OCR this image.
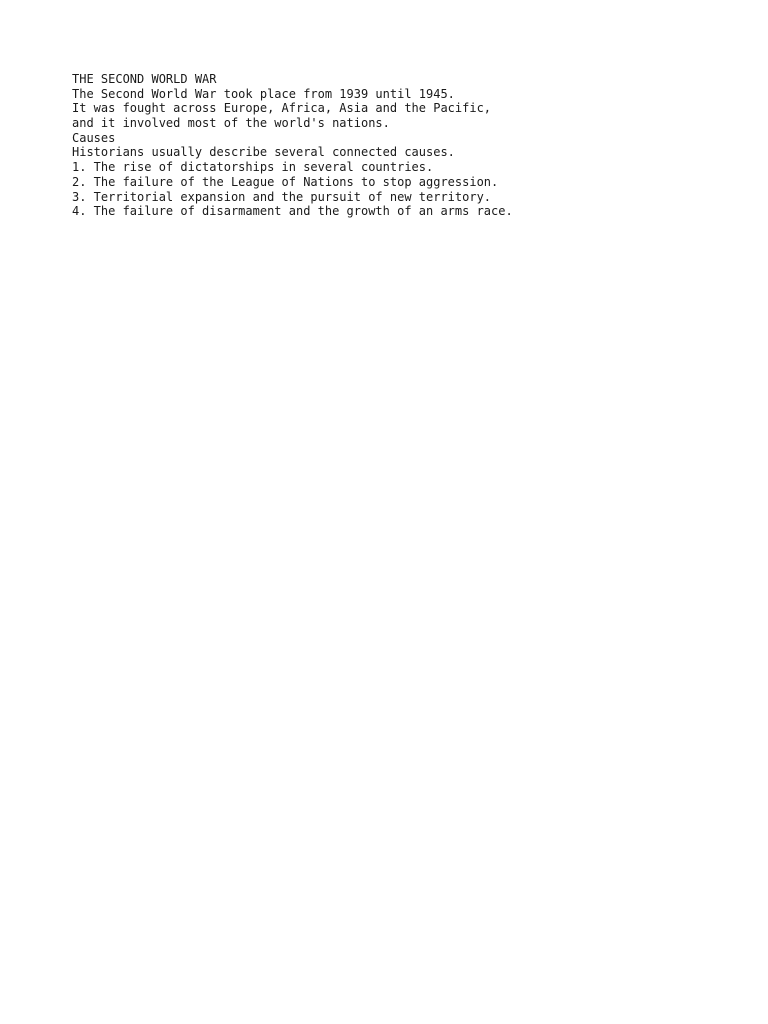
THE SECOND WORLD WAR
The Second World War took place from 1939 until 1945.
It was fought across Europe, Africa, Asia and the Pacific,
and it involved most of the world's nations.
Causes
Historians usually describe several connected causes.
1. The rise of dictatorships in several countries.
2. The failure of the League of Nations to stop aggression.
3. Territorial expansion and the pursuit of new territory.
4. The failure of disarmament and the growth of an arms race.
